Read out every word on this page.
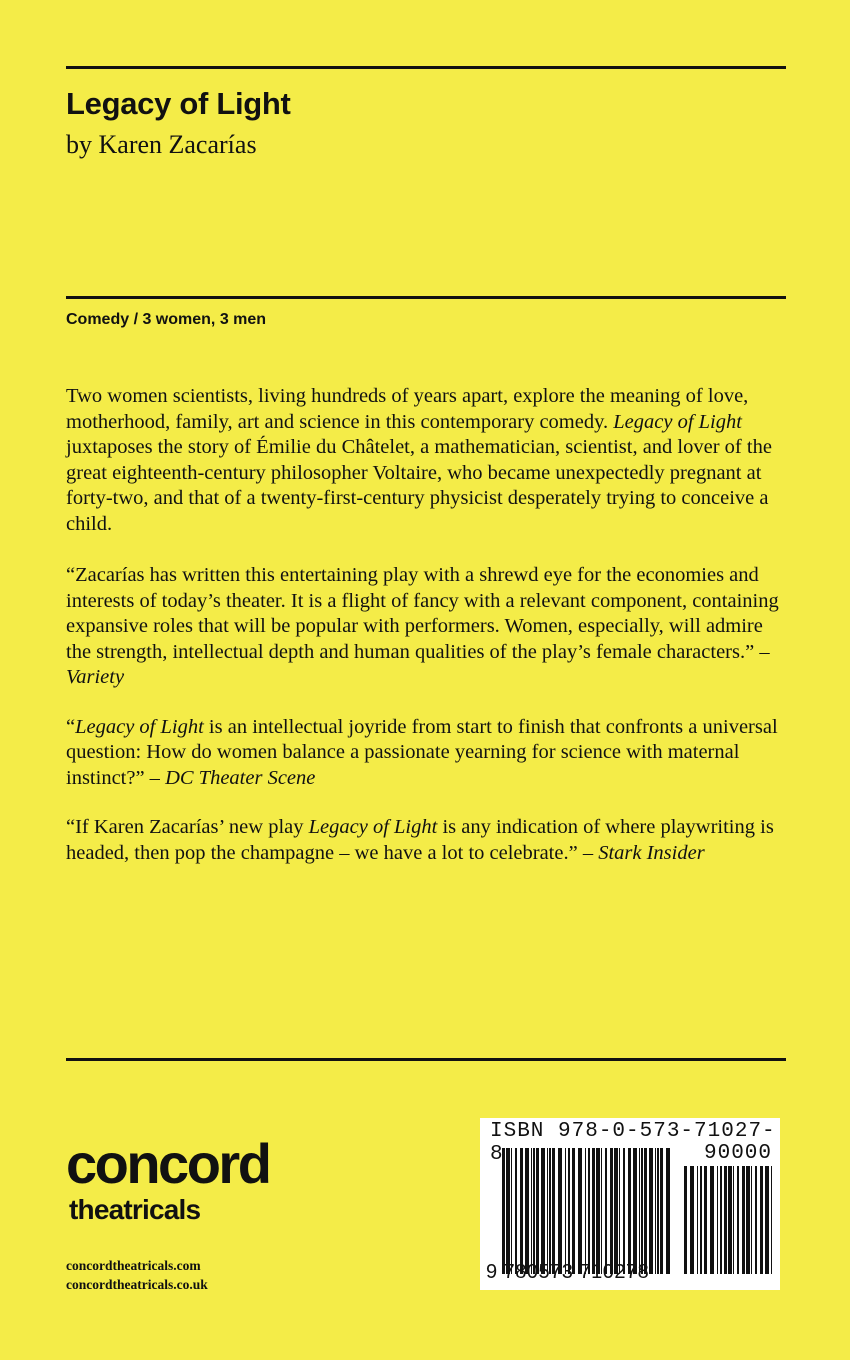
Legacy of Light
by Karen Zacarías
Comedy / 3 women, 3 men

Two women scientists, living hundreds of years apart, explore the meaning of love, motherhood, family, art and science in this contemporary comedy. Legacy of Light juxtaposes the story of Émilie du Châtelet, a mathematician, scientist, and lover of the great eighteenth-century philosopher Voltaire, who became unexpectedly pregnant at forty-two, and that of a twenty-first-century physicist desperately trying to conceive a child.

“Zacarías has written this entertaining play with a shrewd eye for the economies and interests of today’s theater. It is a flight of fancy with a relevant component, containing expansive roles that will be popular with performers. Women, especially, will admire the strength, intellectual depth and human qualities of the play’s female characters.” – Variety

“Legacy of Light is an intellectual joyride from start to finish that confronts a universal question: How do women balance a passionate yearning for science with maternal instinct?” – DC Theater Scene

“If Karen Zacarías’ new play Legacy of Light is any indication of where playwriting is headed, then pop the champagne – we have a lot to celebrate.” – Stark Insider

concord
theatricals
concordtheatricals.com
concordtheatricals.co.uk
ISBN 978-0-573-71027-8	90000
9 780573 710278
